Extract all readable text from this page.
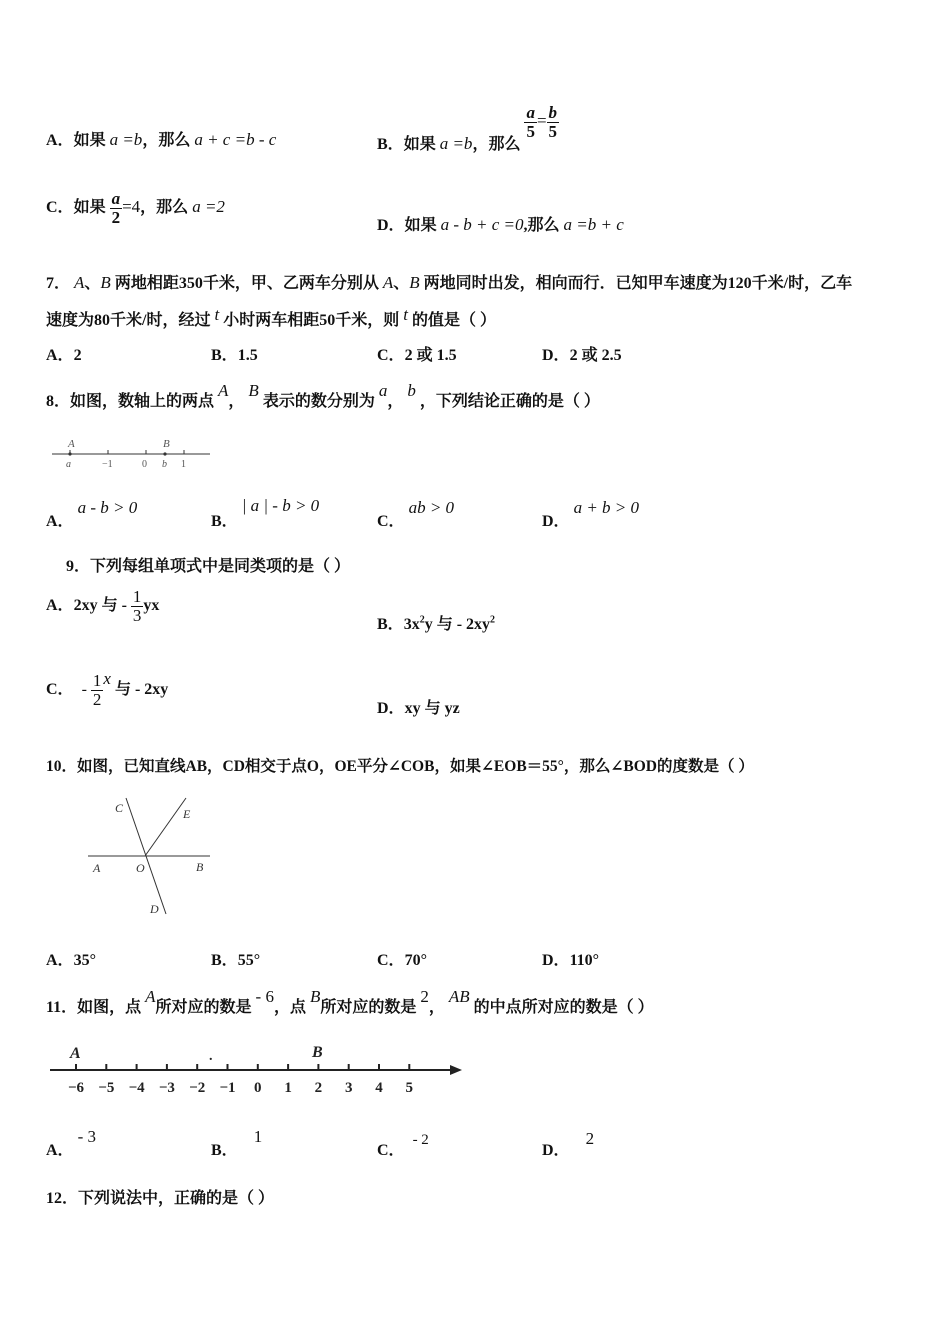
A．如果 a =b，那么 a + c =b - c	B．如果 a =b，那么
$\frac{a}{5} = \frac{b}{5}$
C．如果 $\frac{a}{2} =4$，那么 a =2
D．如果 a - b + c =0,那么 a =b + c
7． A、B 两地相距350千米，甲、乙两车分别从 A、B 两地同时出发，相向而行．已知甲车速度为120千米/时，乙车
速度为80千米/时，经过 t 小时两车相距50千米，则 t 的值是（ ）
A．2	B．1.5	C．2 或 1.5	D．2 或 2.5
8．如图，数轴上的两点 A， B 表示的数分别为 a， b ，下列结论正确的是（ ）
A	B
a	−1	0 b 1
A． a - b > 0
B． | a | - b > 0
C． ab > 0
D． a + b > 0
9．下列每组单项式中是同类项的是（ ）
A．2xy 与 - $\frac{1}{3}$ yx
B．$3x^2y$ 与 - $2xy^2$
C． - $\frac{1}{2}$ x 与 - 2xy
D．xy 与 yz
10．如图，已知直线AB，CD相交于点O，OE平分∠COB，如果∠EOB＝55°，那么∠BOD的度数是（ ）
C	E
A	O	B
D
A．35°	B．55°	C．70°	D．110°
11．如图，点 A所对应的数是 - 6，点 B所对应的数是 2， AB 的中点所对应的数是（ ）
−6 −5 −4 −3 −2 −1 0 1 2 3 4 5
A	.	B
A． - 3
B．    1
C．  - 2
D．    2
12．下列说法中，正确的是（ ）
